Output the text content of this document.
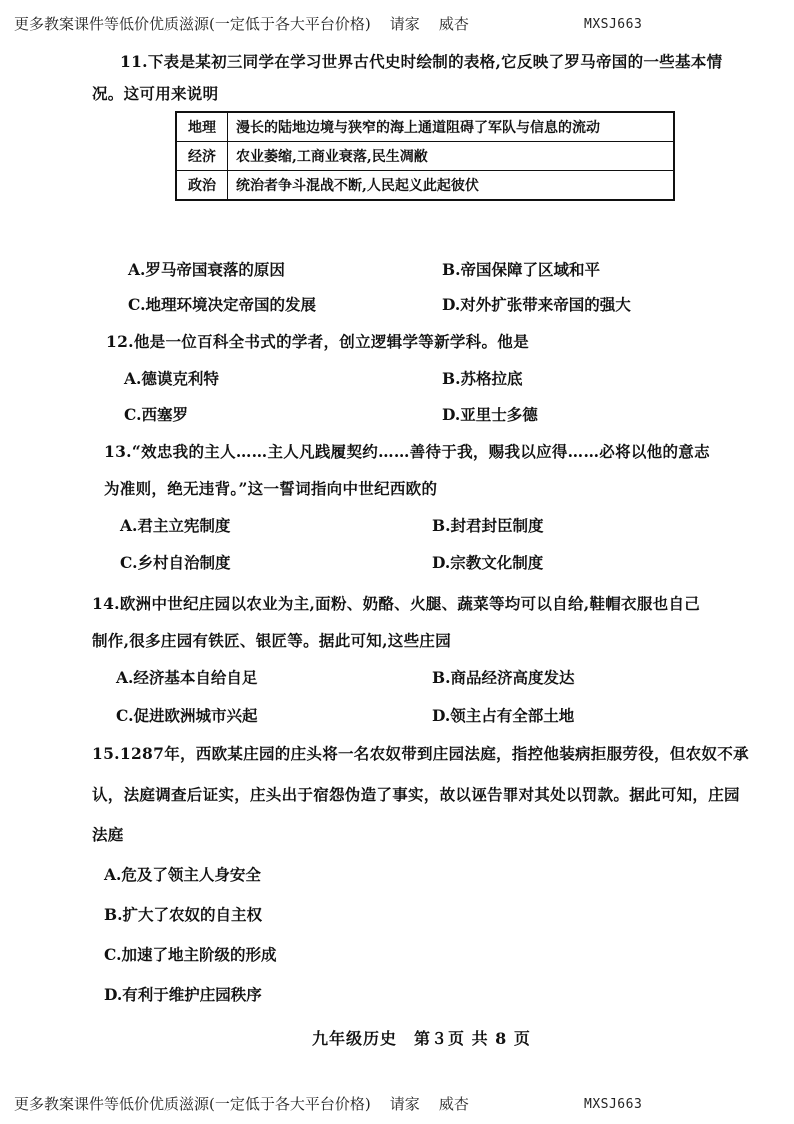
更多教案课件等低价优质滋源(一定低于各大平台价格) 请家 威杏	MXSJ663
11.下表是某初三同学在学习世界古代史时绘制的表格,它反映了罗马帝国的一些基本情
况。这可用来说明
地理	漫长的陆地边境与狭窄的海上通道阻碍了军队与信息的流动
经济	农业萎缩,工商业衰落,民生凋敝
政治	统治者争斗混战不断,人民起义此起彼伏
A.罗马帝国衰落的原因	B.帝国保障了区域和平
C.地理环境决定帝国的发展	D.对外扩张带来帝国的强大
12.他是一位百科全书式的学者，创立逻辑学等新学科。他是
A.德谟克利特	B.苏格拉底
C.西塞罗	D.亚里士多德
13.“效忠我的主人……主人凡践履契约……善待于我，赐我以应得……必将以他的意志
为准则，绝无违背。”这一誓词指向中世纪西欧的
A.君主立宪制度	B.封君封臣制度
C.乡村自治制度	D.宗教文化制度
14.欧洲中世纪庄园以农业为主,面粉、奶酪、火腿、蔬菜等均可以自给,鞋帽衣服也自己
制作,很多庄园有铁匠、银匠等。据此可知,这些庄园
A.经济基本自给自足	B.商品经济高度发达
C.促进欧洲城市兴起	D.领主占有全部土地
15.1287年，西欧某庄园的庄头将一名农奴带到庄园法庭，指控他装病拒服劳役，但农奴不承
认，法庭调查后证实，庄头出于宿怨伪造了事实，故以诬告罪对其处以罚款。据此可知，庄园
法庭
A.危及了领主人身安全
B.扩大了农奴的自主权
C.加速了地主阶级的形成
D.有利于维护庄园秩序
九年级历史　第３页 共 8 页
更多教案课件等低价优质滋源(一定低于各大平台价格) 请家 威杏	MXSJ663
